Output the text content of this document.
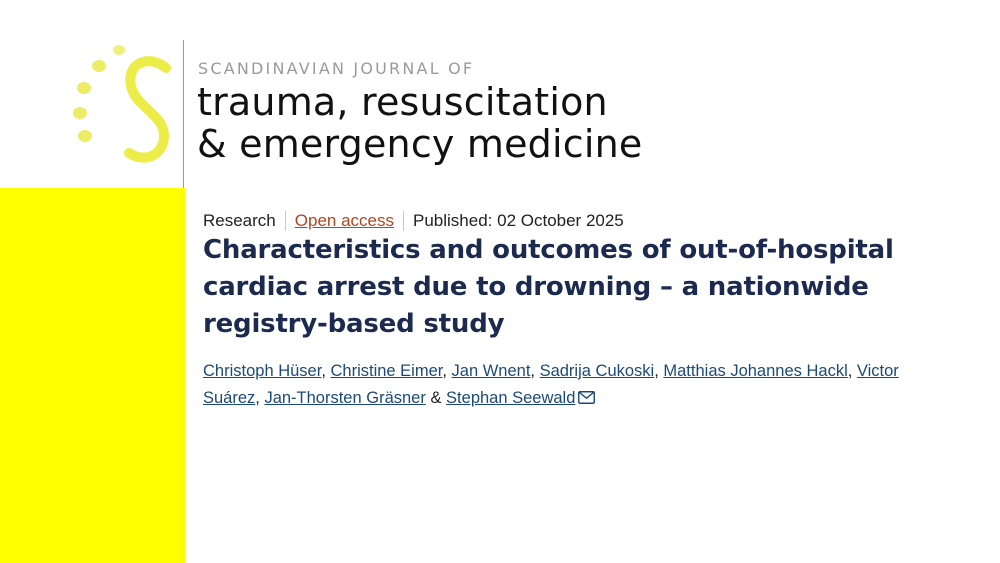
SCANDINAVIAN JOURNAL OF

trauma, resuscitation

& emergency medicine

Research Open access Published: 02 October 2025
Characteristics and outcomes of out-of-hospital cardiac arrest due to drowning – a nationwide registry-based study
Christoph Hüser, Christine Eimer, Jan Wnent, Sadrija Cukoski, Matthias Johannes Hackl, Victor Suárez, Jan-Thorsten Gräsner & Stephan Seewald
